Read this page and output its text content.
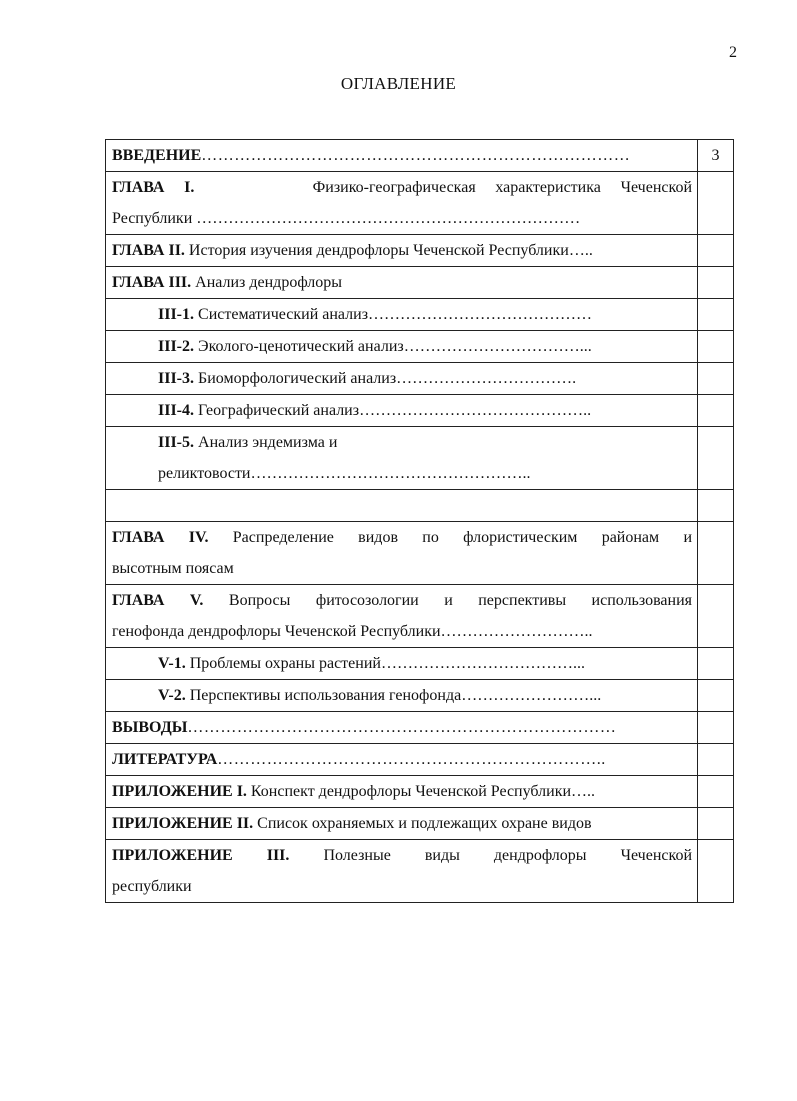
2
ОГЛАВЛЕНИЕ
ВВЕДЕНИЕ……………………………………………………………………	3

ГЛАВА I. Физико-географическая характеристика Чеченской
Республики ………………………………………………………………	

ГЛАВА II. История изучения дендрофлоры Чеченской Республики…..	
ГЛАВА III. Анализ дендрофлоры	
III-1. Систематический анализ……………………………………	
III-2. Эколого-ценотический анализ……………………………...	
III-3. Биоморфологический анализ…………………………….	
III-4. Географический анализ……………………………………..	

III-5. Анализ эндемизма и
реликтовости……………………………………………..	

ГЛАВА IV. Распределение видов по флористическим районам и
высотным поясам	

ГЛАВА V. Вопросы фитосозологии и перспективы использования
генофонда дендрофлоры Чеченской Республики………………………..	

V-1. Проблемы охраны растений………………………………...	
V-2. Перспективы использования генофонда……………………...	
ВЫВОДЫ……………………………………………………………………	
ЛИТЕРАТУРА……………………………………………………………..	
ПРИЛОЖЕНИЕ I. Конспект дендрофлоры Чеченской Республики…..	
ПРИЛОЖЕНИЕ II. Список охраняемых и подлежащих охране видов	

ПРИЛОЖЕНИЕ III. Полезные виды дендрофлоры Чеченской
республики	
